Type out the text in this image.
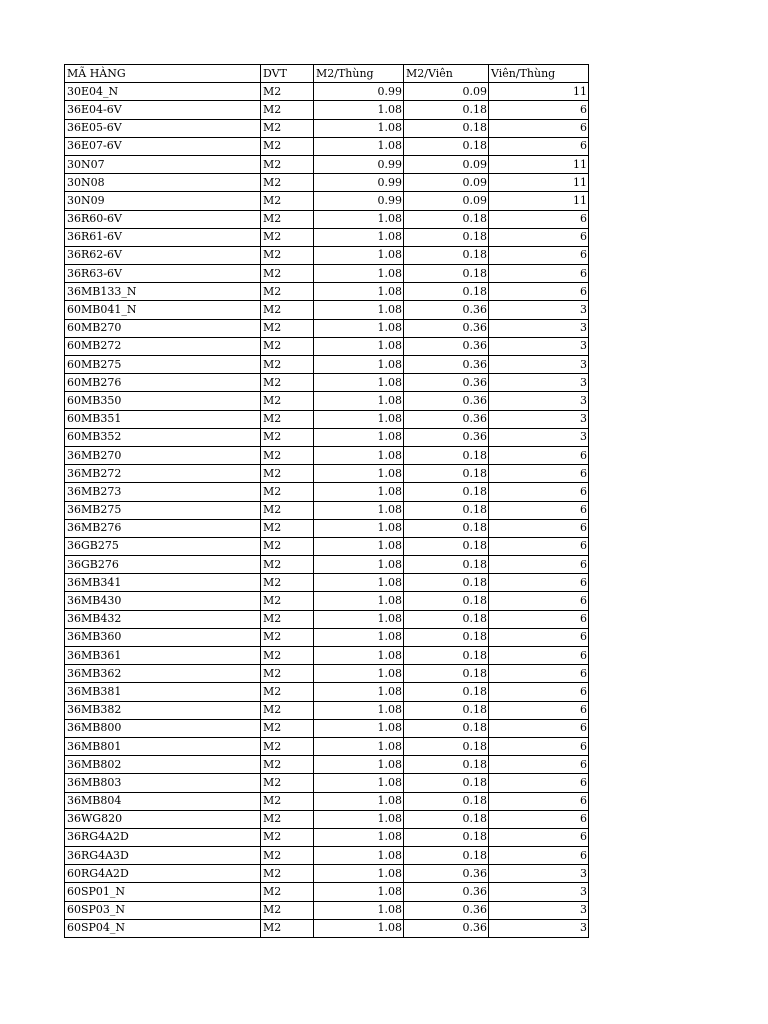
MÃ HÀNG	DVT	M2/Thùng	M2/Viên	Viên/Thùng
30E04_N	M2	0.99	0.09	11
36E04-6V	M2	1.08	0.18	6
36E05-6V	M2	1.08	0.18	6
36E07-6V	M2	1.08	0.18	6
30N07	M2	0.99	0.09	11
30N08	M2	0.99	0.09	11
30N09	M2	0.99	0.09	11
36R60-6V	M2	1.08	0.18	6
36R61-6V	M2	1.08	0.18	6
36R62-6V	M2	1.08	0.18	6
36R63-6V	M2	1.08	0.18	6
36MB133_N	M2	1.08	0.18	6
60MB041_N	M2	1.08	0.36	3
60MB270	M2	1.08	0.36	3
60MB272	M2	1.08	0.36	3
60MB275	M2	1.08	0.36	3
60MB276	M2	1.08	0.36	3
60MB350	M2	1.08	0.36	3
60MB351	M2	1.08	0.36	3
60MB352	M2	1.08	0.36	3
36MB270	M2	1.08	0.18	6
36MB272	M2	1.08	0.18	6
36MB273	M2	1.08	0.18	6
36MB275	M2	1.08	0.18	6
36MB276	M2	1.08	0.18	6
36GB275	M2	1.08	0.18	6
36GB276	M2	1.08	0.18	6
36MB341	M2	1.08	0.18	6
36MB430	M2	1.08	0.18	6
36MB432	M2	1.08	0.18	6
36MB360	M2	1.08	0.18	6
36MB361	M2	1.08	0.18	6
36MB362	M2	1.08	0.18	6
36MB381	M2	1.08	0.18	6
36MB382	M2	1.08	0.18	6
36MB800	M2	1.08	0.18	6
36MB801	M2	1.08	0.18	6
36MB802	M2	1.08	0.18	6
36MB803	M2	1.08	0.18	6
36MB804	M2	1.08	0.18	6
36WG820	M2	1.08	0.18	6
36RG4A2D	M2	1.08	0.18	6
36RG4A3D	M2	1.08	0.18	6
60RG4A2D	M2	1.08	0.36	3
60SP01_N	M2	1.08	0.36	3
60SP03_N	M2	1.08	0.36	3
60SP04_N	M2	1.08	0.36	3
